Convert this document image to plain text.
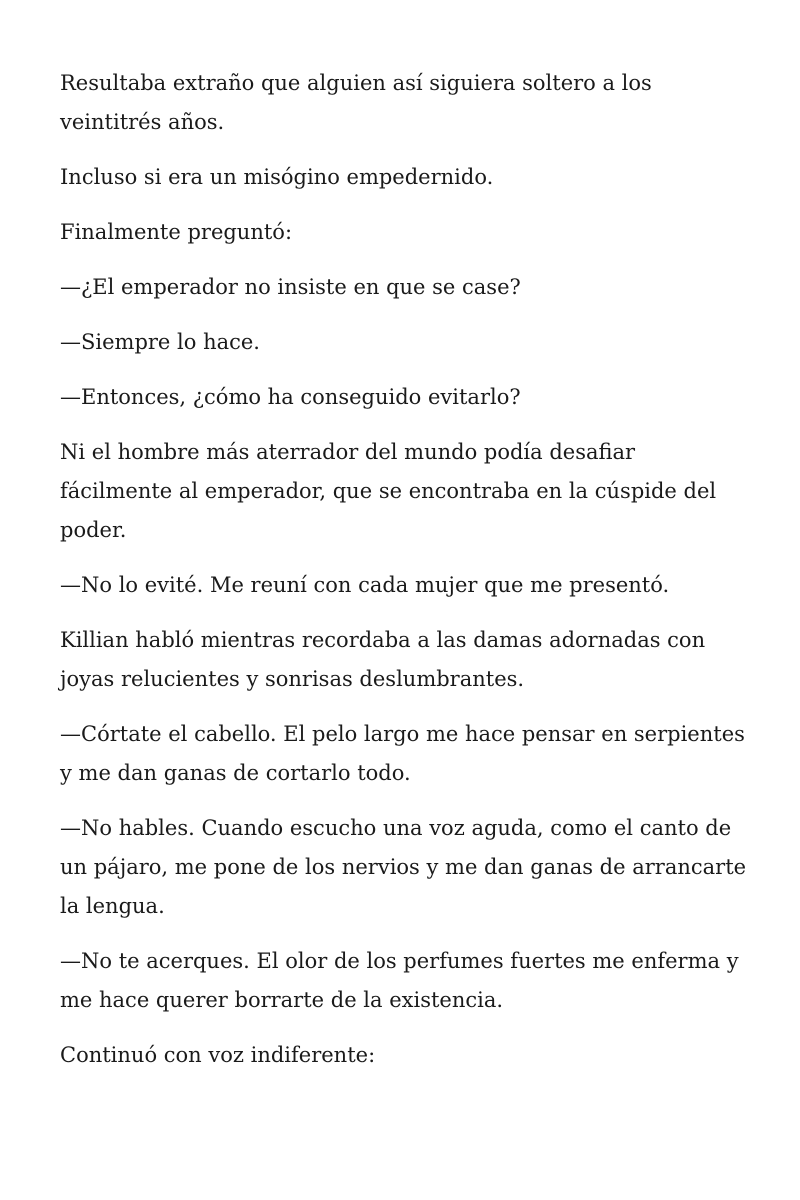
Resultaba extraño que alguien así siguiera soltero a los veintitrés años.

Incluso si era un misógino empedernido.

Finalmente preguntó:

—¿El emperador no insiste en que se case?

—Siempre lo hace.

—Entonces, ¿cómo ha conseguido evitarlo?

Ni el hombre más aterrador del mundo podía desafiar fácilmente al emperador, que se encontraba en la cúspide del poder.

—No lo evité. Me reuní con cada mujer que me presentó.

Killian habló mientras recordaba a las damas adornadas con joyas relucientes y sonrisas deslumbrantes.

—Córtate el cabello. El pelo largo me hace pensar en serpientes y me dan ganas de cortarlo todo.

—No hables. Cuando escucho una voz aguda, como el canto de un pájaro, me pone de los nervios y me dan ganas de arrancarte la lengua.

—No te acerques. El olor de los perfumes fuertes me enferma y me hace querer borrarte de la existencia.

Continuó con voz indiferente:
